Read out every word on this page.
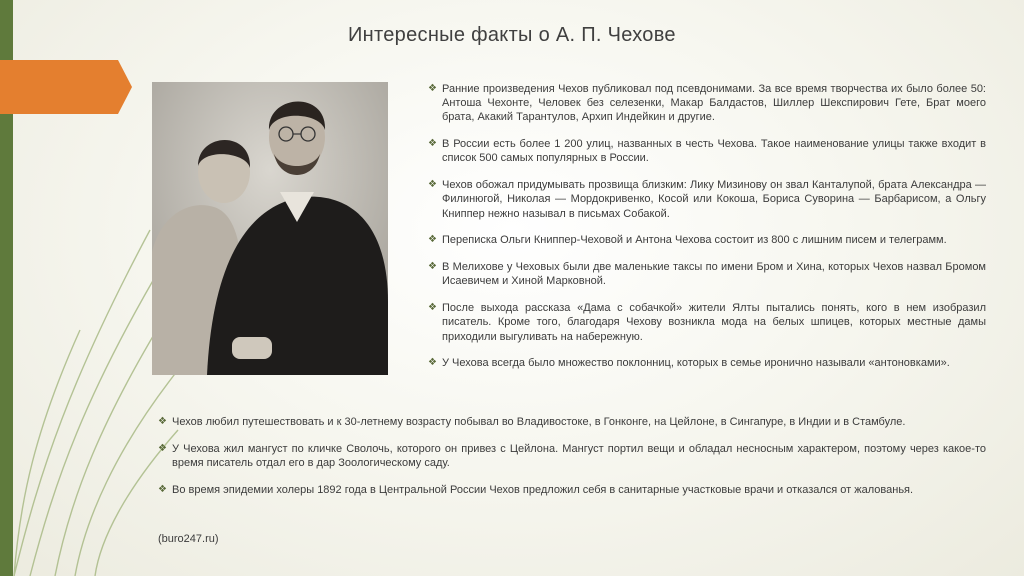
Интересные факты о А. П. Чехове
❖ Ранние произведения Чехов публиковал под псевдонимами. За все время творчества их было более 50: Антоша Чехонте, Человек без селезенки, Макар Балдастов, Шиллер Шекспирович Гете, Брат моего брата, Акакий Тарантулов, Архип Индейкин и другие.
❖ В России есть более 1 200 улиц, названных в честь Чехова. Такое наименование улицы также входит в список 500 самых популярных в России.
❖ Чехов обожал придумывать прозвища близким: Лику Мизинову он звал Канталупой, брата Александра — Филинюгой, Николая — Мордокривенко, Косой или Кокоша, Бориса Суворина — Барбарисом, а Ольгу Книппер нежно называл в письмах Собакой.
❖ Переписка Ольги Книппер-Чеховой и Антона Чехова состоит из 800 с лишним писем и телеграмм.
❖ В Мелихове у Чеховых были две маленькие таксы по имени Бром и Хина, которых Чехов назвал Бромом Исаевичем и Хиной Марковной.
❖ После выхода рассказа «Дама с собачкой» жители Ялты пытались понять, кого в нем изобразил писатель. Кроме того, благодаря Чехову возникла мода на белых шпицев, которых местные дамы приходили выгуливать на набережную.
❖ У Чехова всегда было множество поклонниц, которых в семье иронично называли «антоновками».
❖ Чехов любил путешествовать и к 30-летнему возрасту побывал во Владивостоке, в Гонконге, на Цейлоне, в Сингапуре, в Индии и в Стамбуле.
❖ У Чехова жил мангуст по кличке Сволочь, которого он привез с Цейлона. Мангуст портил вещи и обладал несносным характером, поэтому через какое-то время писатель отдал его в дар Зоологическому саду.
❖ Во время эпидемии холеры 1892 года в Центральной России Чехов предложил себя в санитарные участковые врачи и отказался от жалованья.
(buro247.ru)
